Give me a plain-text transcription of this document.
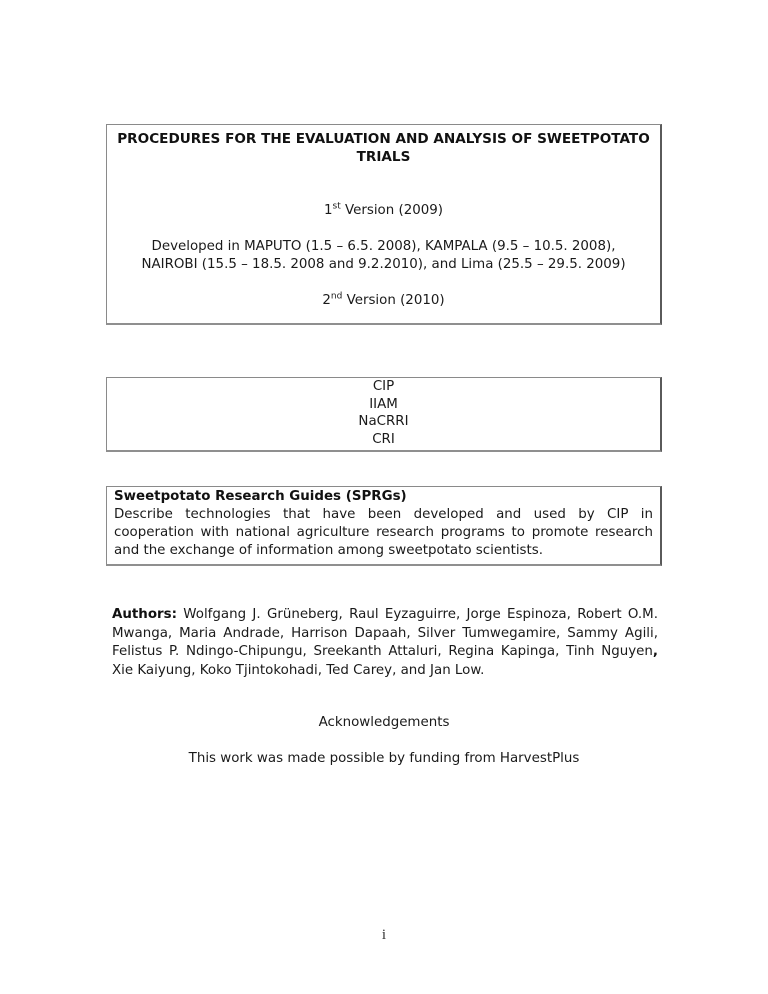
PROCEDURES FOR THE EVALUATION AND ANALYSIS OF SWEETPOTATO
TRIALS
1st Version (2009)
Developed in MAPUTO (1.5 – 6.5. 2008), KAMPALA (9.5 – 10.5. 2008),
NAIROBI (15.5 – 18.5. 2008 and 9.2.2010), and Lima (25.5 – 29.5. 2009)
2nd Version (2010)
CIP
IIAM
NaCRRI
CRI
Sweetpotato Research Guides (SPRGs)
Describe technologies that have been developed and used by CIP in cooperation with national agriculture research programs to promote research and the exchange of information among sweetpotato scientists.
Authors: Wolfgang J. Grüneberg, Raul Eyzaguirre, Jorge Espinoza, Robert O.M. Mwanga, Maria Andrade, Harrison Dapaah, Silver Tumwegamire, Sammy Agili, Felistus P. Ndingo-Chipungu, Sreekanth Attaluri, Regina Kapinga, Tinh Nguyen, Xie Kaiyung, Koko Tjintokohadi, Ted Carey, and Jan Low.
Acknowledgements
This work was made possible by funding from HarvestPlus
i
